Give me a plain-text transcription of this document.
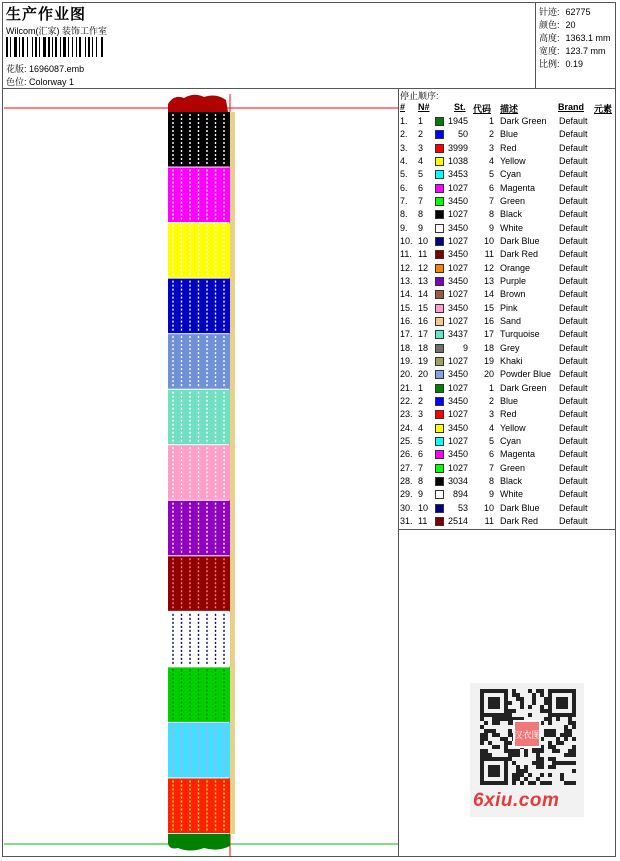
生产作业图
Wilcom(汇家) 装饰工作室
花版: 1696087.emb
色位: Colorway 1
针迹: 62775
颜色: 20
高度: 1363.1 mm
宽度: 123.7 mm
比例: 0.19
停止顺序:
# N#	St. 代码 描述	Brand 元素
1. 1	1945 1 Dark Green Default
2. 2	50 2 Blue	Default
3. 3	3999 3 Red	Default
4. 4	1038 4 Yellow	Default
5. 5	3453 5 Cyan	Default
6. 6	1027 6 Magenta	Default
7. 7	3450 7 Green	Default
8. 8	1027 8 Black	Default
9. 9	3450 9 White	Default
10. 10 1027 10 Dark Blue Default
11. 11 3450 11 Dark Red Default
12. 12 1027 12 Orange	Default
13. 13 3450 13 Purple	Default
14. 14 1027 14 Brown	Default
15. 15 3450 15 Pink	Default
16. 16 1027 16 Sand	Default
17. 17 3437 17 Turquoise Default
18. 18	9 18 Grey	Default
19. 19 1027 19 Khaki	Default
20. 20 3450 20 Powder Blue Default
21. 1	1027 1 Dark Green Default
22. 2	3450 2 Blue	Default
23. 3	1027 3 Red	Default
24. 4	3450 4 Yellow	Default
25. 5	1027 5 Cyan	Default
26. 6	3450 6 Magenta	Default
27. 7	1027 7 Green	Default
28. 8	3034 8 Black	Default
29. 9	894 9 White	Default
30. 10	53 10 Dark Blue Default
31. 11 2514 11 Dark Red Default
汉衣图
6xiu.com
